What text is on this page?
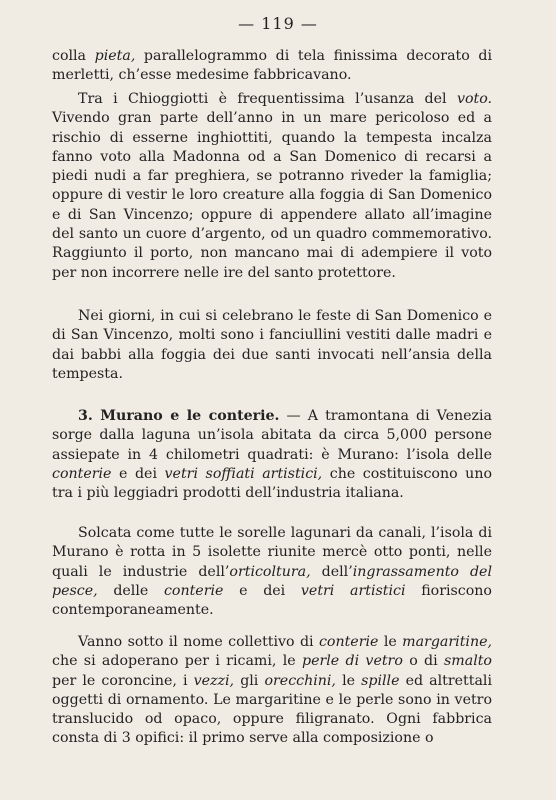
— 119 —

colla pieta, parallelogrammo di tela finissima decorato di merletti, ch’esse medesime fabbricavano.

Tra i Chioggiotti è frequentissima l’usanza del voto. Vivendo gran parte dell’anno in un mare pericoloso ed a rischio di esserne inghiottiti, quando la tempesta incalza fanno voto alla Madonna od a San Domenico di recarsi a piedi nudi a far preghiera, se potranno riveder la famiglia; oppure di vestir le loro creature alla foggia di San Domenico e di San Vincenzo; oppure di appendere allato all’imagine del santo un cuore d’argento, od un quadro commemorativo. Raggiunto il porto, non mancano mai di adempiere il voto per non incorrere nelle ire del santo protettore.

Nei giorni, in cui si celebrano le feste di San Domenico e di San Vincenzo, molti sono i fanciullini vestiti dalle madri e dai babbi alla foggia dei due santi invocati nell’ansia della tempesta.

3. Murano e le conterie. — A tramontana di Venezia sorge dalla laguna un’isola abitata da circa 5,000 persone assiepate in 4 chilometri quadrati: è Murano: l’isola delle conterie e dei vetri soffiati artistici, che costituiscono uno tra i più leggiadri prodotti dell’industria italiana.

Solcata come tutte le sorelle lagunari da canali, l’isola di Murano è rotta in 5 isolette riunite mercè otto ponti, nelle quali le industrie dell’orticoltura, dell’ingrassamento del pesce, delle conterie e dei vetri artistici fioriscono contemporaneamente.

Vanno sotto il nome collettivo di conterie le margaritine, che si adoperano per i ricami, le perle di vetro o di smalto per le coroncine, i vezzi, gli orecchini, le spille ed altrettali oggetti di ornamento. Le margaritine e le perle sono in vetro translucido od opaco, oppure filigranato. Ogni fabbrica consta di 3 opifici: il primo serve alla composizione o
